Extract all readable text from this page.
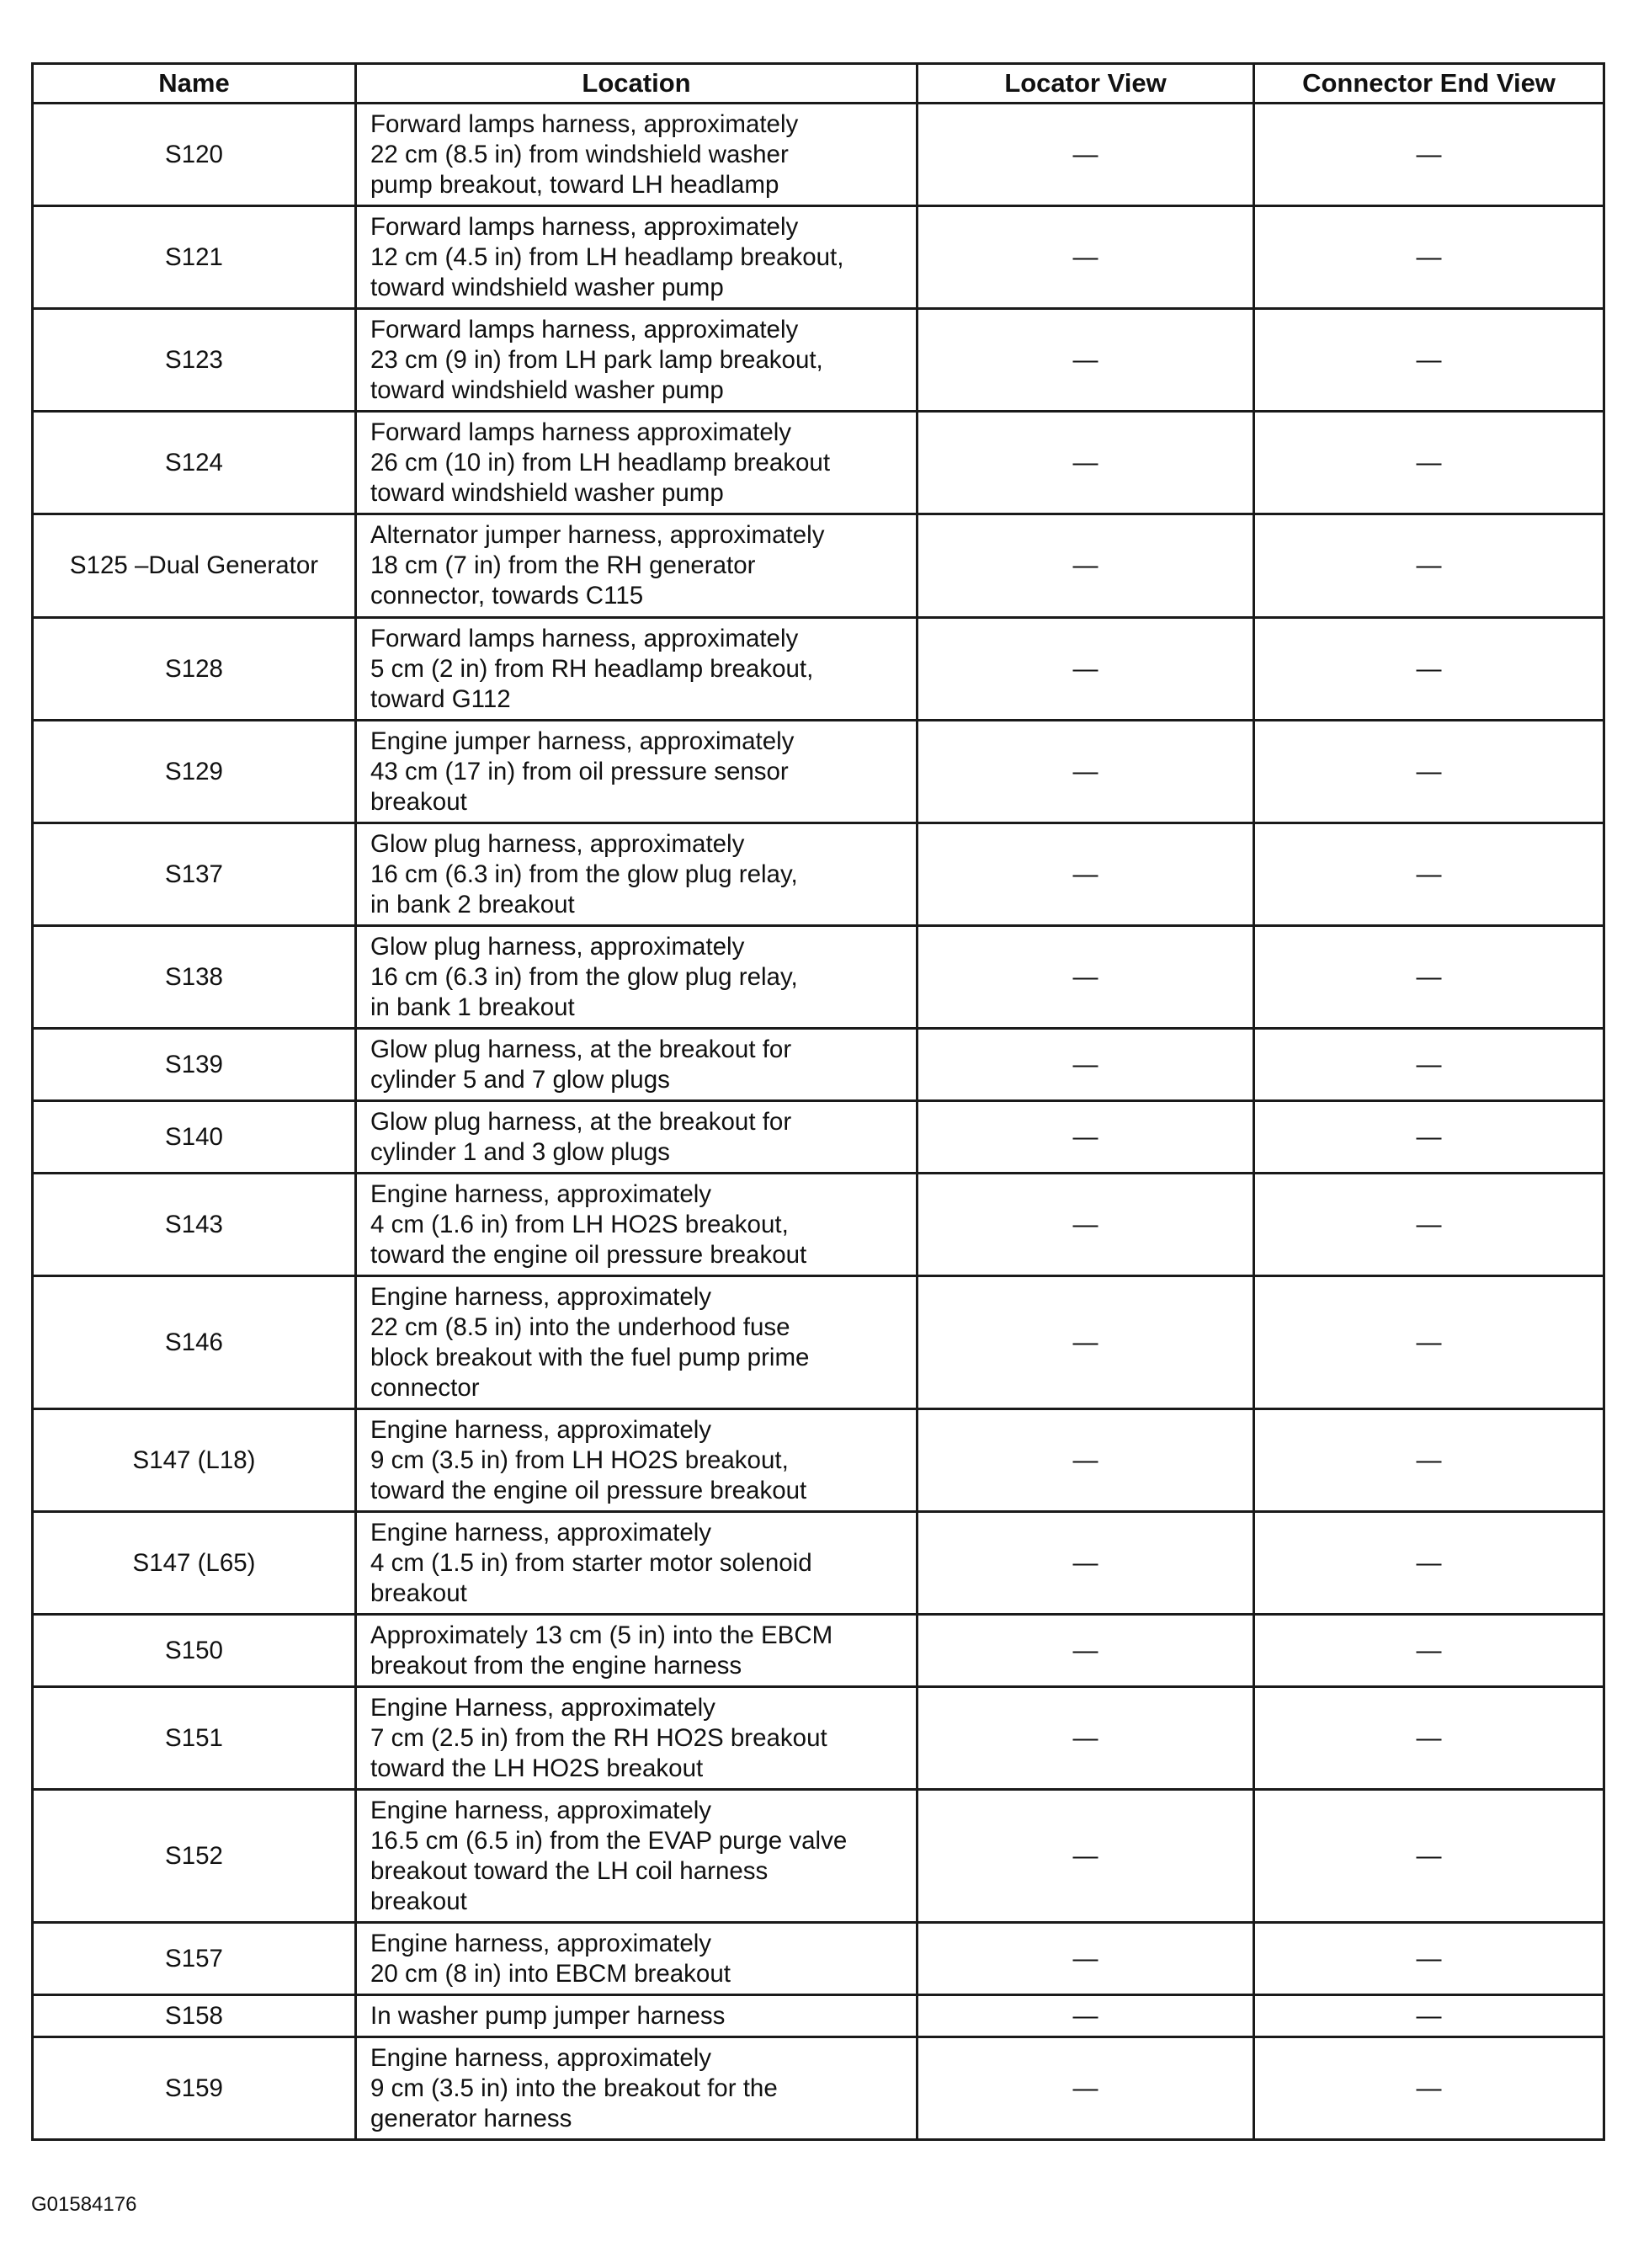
Name	Location	Locator View	Connector End View
S120	Forward lamps harness, approximately
22 cm (8.5 in) from windshield washer
pump breakout, toward LH headlamp	—	—
S121	Forward lamps harness, approximately
12 cm (4.5 in) from LH headlamp breakout,
toward windshield washer pump	—	—
S123	Forward lamps harness, approximately
23 cm (9 in) from LH park lamp breakout,
toward windshield washer pump	—	—
S124	Forward lamps harness approximately
26 cm (10 in) from LH headlamp breakout
toward windshield washer pump	—	—
S125 –Dual Generator	Alternator jumper harness, approximately
18 cm (7 in) from the RH generator
connector, towards C115	—	—
S128	Forward lamps harness, approximately
5 cm (2 in) from RH headlamp breakout,
toward G112	—	—
S129	Engine jumper harness, approximately
43 cm (17 in) from oil pressure sensor
breakout	—	—
S137	Glow plug harness, approximately
16 cm (6.3 in) from the glow plug relay,
in bank 2 breakout	—	—
S138	Glow plug harness, approximately
16 cm (6.3 in) from the glow plug relay,
in bank 1 breakout	—	—
S139	Glow plug harness, at the breakout for
cylinder 5 and 7 glow plugs	—	—
S140	Glow plug harness, at the breakout for
cylinder 1 and 3 glow plugs	—	—
S143	Engine harness, approximately
4 cm (1.6 in) from LH HO2S breakout,
toward the engine oil pressure breakout	—	—
S146	Engine harness, approximately
22 cm (8.5 in) into the underhood fuse
block breakout with the fuel pump prime
connector	—	—
S147 (L18)	Engine harness, approximately
9 cm (3.5 in) from LH HO2S breakout,
toward the engine oil pressure breakout	—	—
S147 (L65)	Engine harness, approximately
4 cm (1.5 in) from starter motor solenoid
breakout	—	—
S150	Approximately 13 cm (5 in) into the EBCM
breakout from the engine harness	—	—
S151	Engine Harness, approximately
7 cm (2.5 in) from the RH HO2S breakout
toward the LH HO2S breakout	—	—
S152	Engine harness, approximately
16.5 cm (6.5 in) from the EVAP purge valve
breakout toward the LH coil harness
breakout	—	—
S157	Engine harness, approximately
20 cm (8 in) into EBCM breakout	—	—
S158	In washer pump jumper harness	—	—
S159	Engine harness, approximately
9 cm (3.5 in) into the breakout for the
generator harness	—	—
G01584176
